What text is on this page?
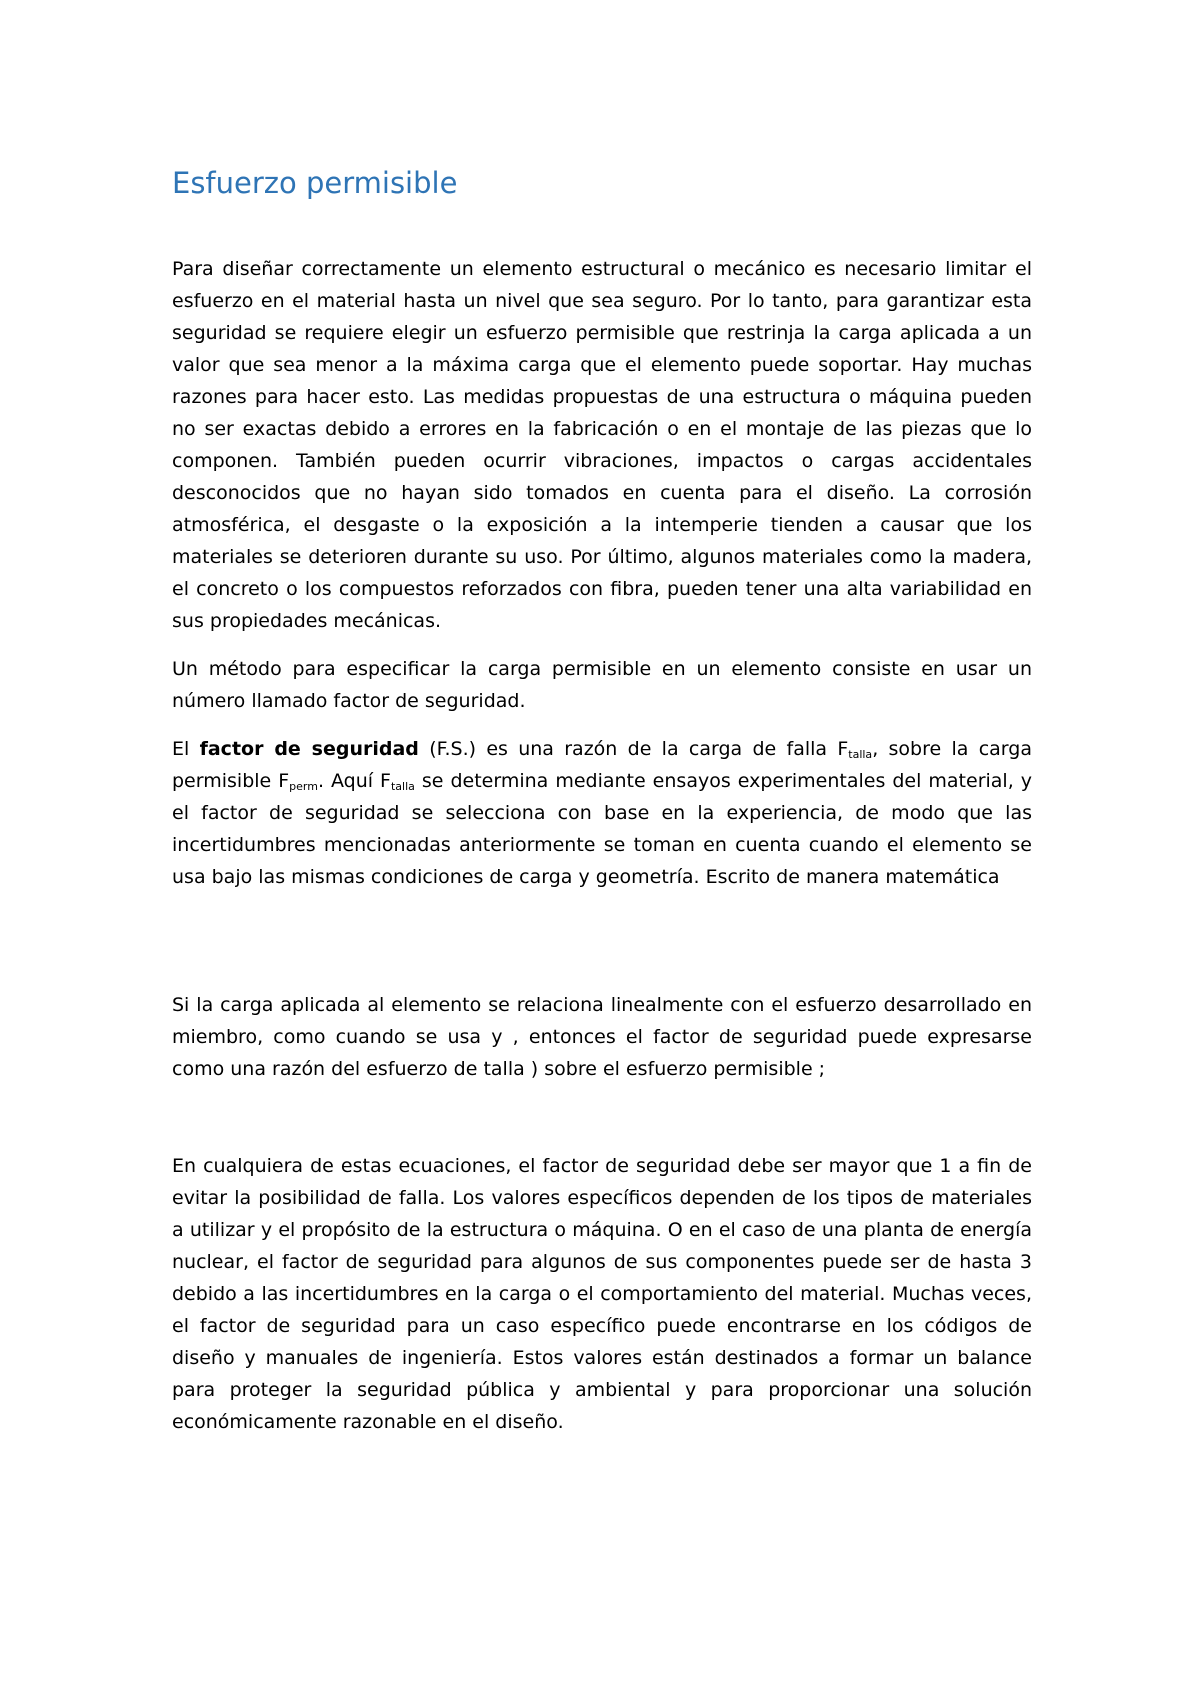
Esfuerzo permisible

Para diseñar correctamente un elemento estructural o mecánico es necesario limitar el esfuerzo en el material hasta un nivel que sea seguro. Por lo tanto, para garantizar esta seguridad se requiere elegir un esfuerzo permisible que restrinja la carga aplicada a un valor que sea menor a la máxima carga que el elemento puede soportar. Hay muchas razones para hacer esto. Las medidas propuestas de una estructura o máquina pueden no ser exactas debido a errores en la fabricación o en el montaje de las piezas que lo componen. También pueden ocurrir vibraciones, impactos o cargas accidentales desconocidos que no hayan sido tomados en cuenta para el diseño. La corrosión atmosférica, el desgaste o la exposición a la intemperie tienden a causar que los materiales se deterioren durante su uso. Por último, algunos materiales como la madera, el concreto o los compuestos reforzados con fibra, pueden tener una alta variabilidad en sus propiedades mecánicas.

Un método para especificar la carga permisible en un elemento consiste en usar un número llamado factor de seguridad.

El factor de seguridad (F.S.) es una razón de la carga de falla $F_{talla}$, sobre la carga permisible $F_{perm}$. Aquí $F_{talla}$ se determina mediante ensayos experimentales del material, y el factor de seguridad se selecciona con base en la experiencia, de modo que las incertidumbres mencionadas anteriormente se toman en cuenta cuando el elemento se usa bajo las mismas condiciones de carga y geometría. Escrito de manera matemática

Si la carga aplicada al elemento se relaciona linealmente con el esfuerzo desarrollado en miembro, como cuando se usa y , entonces el factor de seguridad puede expresarse como una razón del esfuerzo de talla ) sobre el esfuerzo permisible ;

En cualquiera de estas ecuaciones, el factor de seguridad debe ser mayor que 1 a fin de evitar la posibilidad de falla. Los valores específicos dependen de los tipos de materiales a utilizar y el propósito de la estructura o máquina. O en el caso de una planta de energía nuclear, el factor de seguridad para algunos de sus componentes puede ser de hasta 3 debido a las incertidumbres en la carga o el comportamiento del material. Muchas veces, el factor de seguridad para un caso específico puede encontrarse en los códigos de diseño y manuales de ingeniería. Estos valores están destinados a formar un balance para proteger la seguridad pública y ambiental y para proporcionar una solución económicamente razonable en el diseño.
